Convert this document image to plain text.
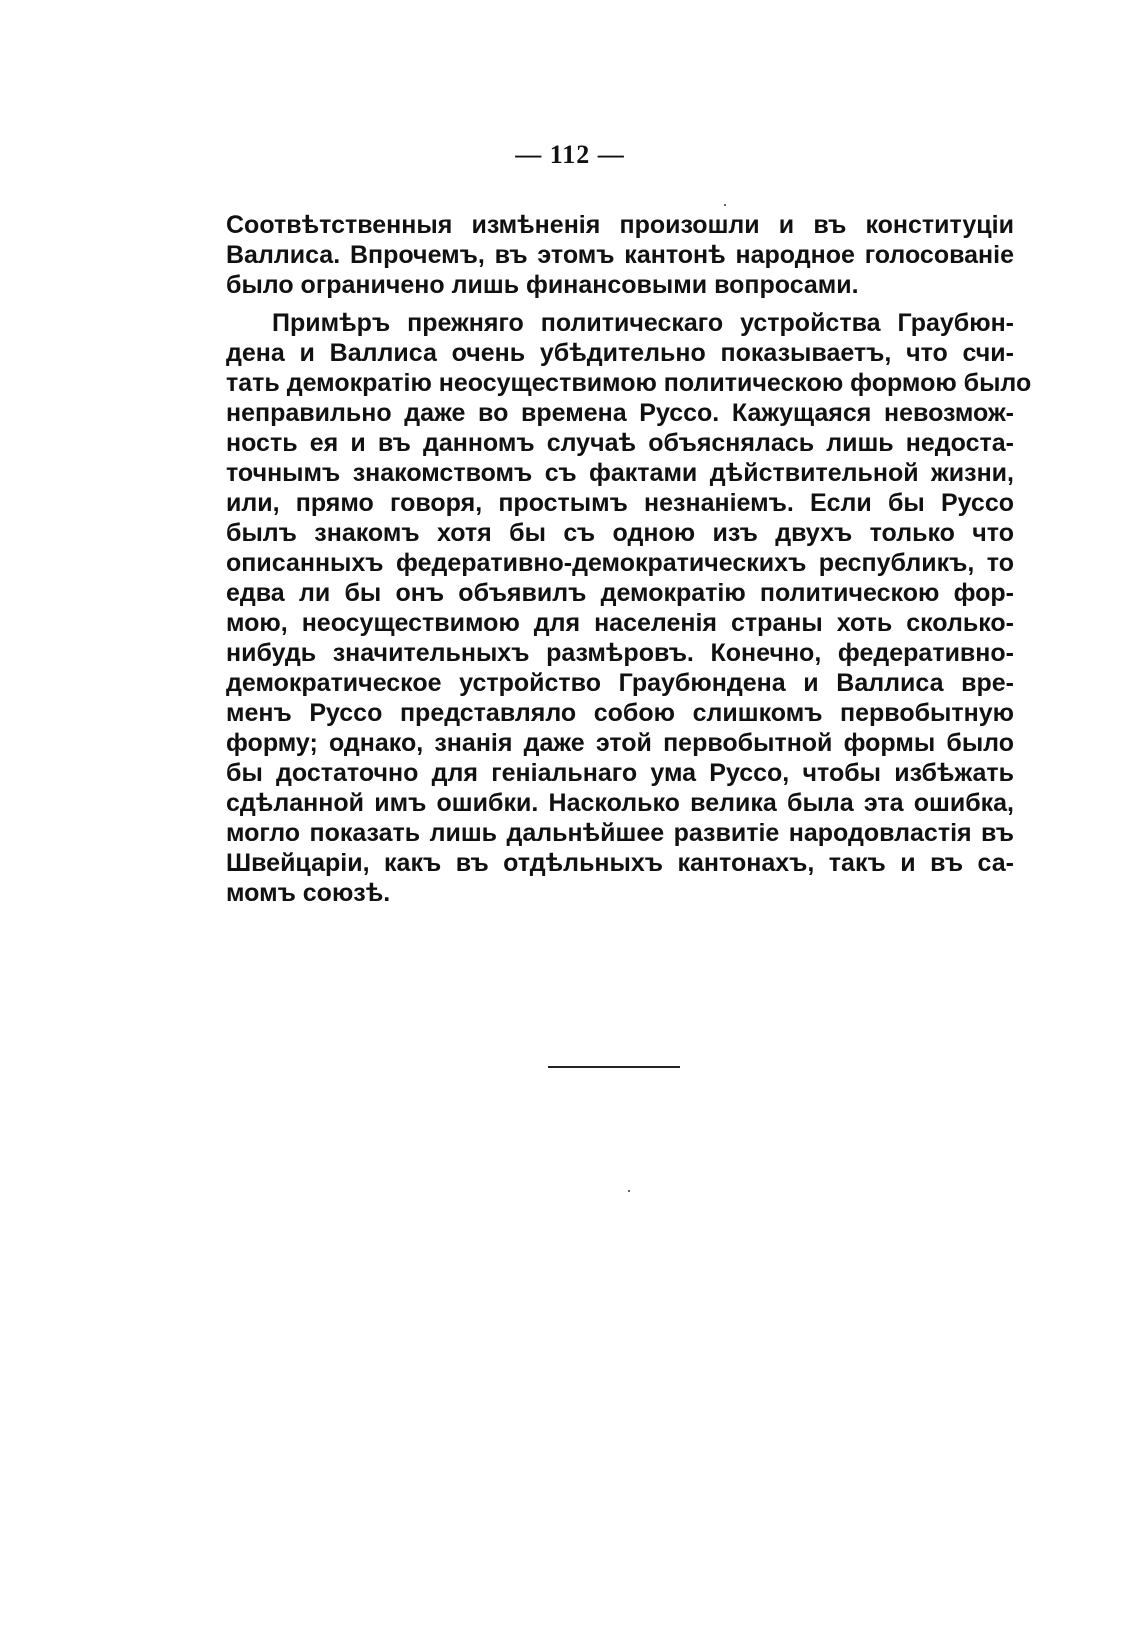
— 112 —
Соотвѣтственныя измѣненія произошли и въ конституціи
Валлиса. Впрочемъ, въ этомъ кантонѣ народное голосованіе
было ограничено лишь финансовыми вопросами.
Примѣръ прежняго политическаго устройства Граубюн-
дена и Валлиса очень убѣдительно показываетъ, что счи-
тать демократію неосуществимою политическою формою было
неправильно даже во времена Руссо. Кажущаяся невозмож-
ность ея и въ данномъ случаѣ объяснялась лишь недоста-
точнымъ знакомствомъ съ фактами дѣйствительной жизни,
или, прямо говоря, простымъ незнаніемъ. Если бы Руссо
былъ знакомъ хотя бы съ одною изъ двухъ только что
описанныхъ федеративно-демократическихъ республикъ, то
едва ли бы онъ объявилъ демократію политическою фор-
мою, неосуществимою для населенія страны хоть сколько-
нибудь значительныхъ размѣровъ. Конечно, федеративно-
демократическое устройство Граубюндена и Валлиса вре-
менъ Руссо представляло собою слишкомъ первобытную
форму; однако, знанія даже этой первобытной формы было
бы достаточно для геніальнаго ума Руссо, чтобы избѣжать
сдѣланной имъ ошибки. Насколько велика была эта ошибка,
могло показать лишь дальнѣйшее развитіе народовластія въ
Швейцаріи, какъ въ отдѣльныхъ кантонахъ, такъ и въ са-
момъ союзѣ.
